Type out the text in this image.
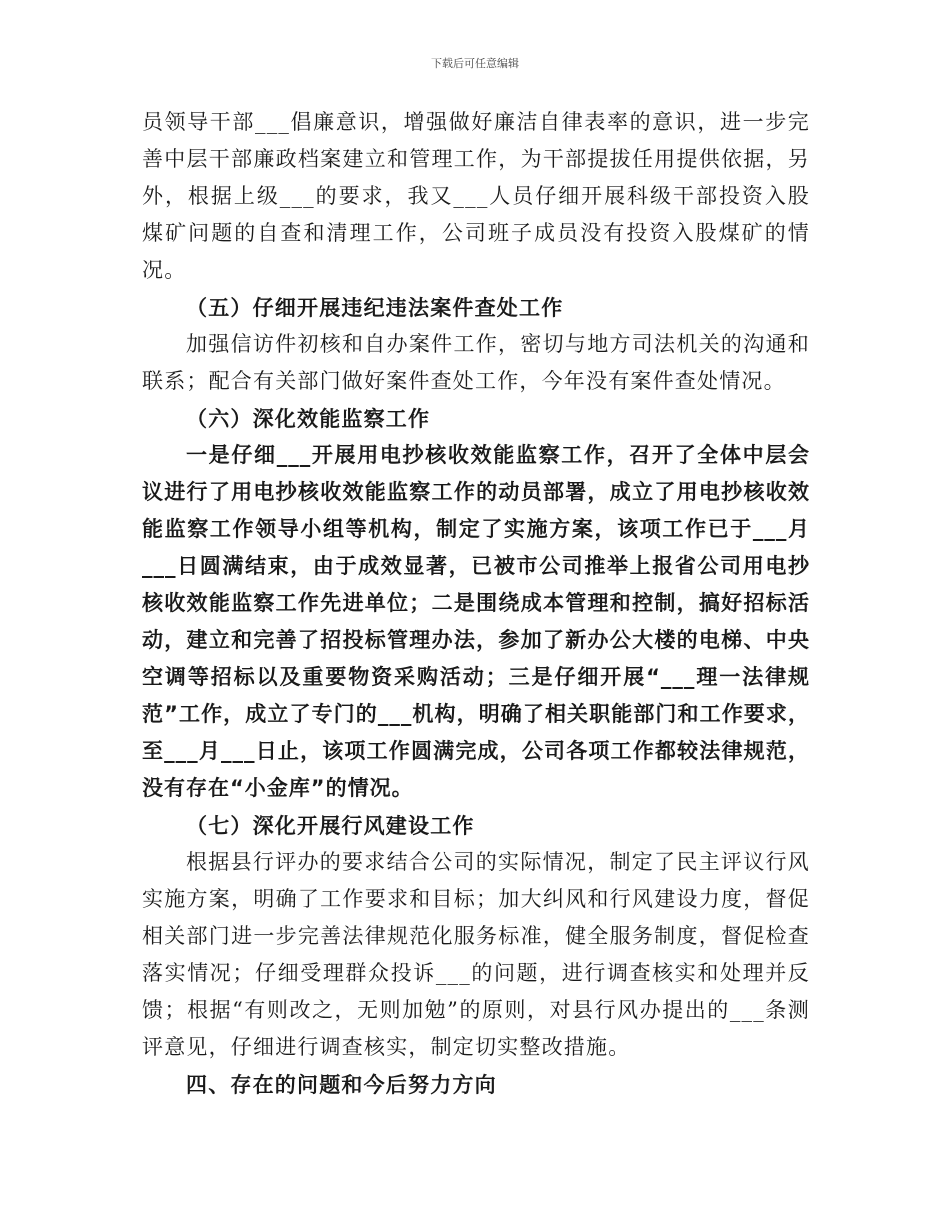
下载后可任意编辑

员领导干部___倡廉意识，增强做好廉洁自律表率的意识，进一步完善中层干部廉政档案建立和管理工作，为干部提拔任用提供依据，另外，根据上级___的要求，我又___人员仔细开展科级干部投资入股煤矿问题的自查和清理工作，公司班子成员没有投资入股煤矿的情况。

（五）仔细开展违纪违法案件查处工作

加强信访件初核和自办案件工作，密切与地方司法机关的沟通和联系；配合有关部门做好案件查处工作，今年没有案件查处情况。

（六）深化效能监察工作

一是仔细___开展用电抄核收效能监察工作，召开了全体中层会议进行了用电抄核收效能监察工作的动员部署，成立了用电抄核收效能监察工作领导小组等机构，制定了实施方案，该项工作已于___月___日圆满结束，由于成效显著，已被市公司推举上报省公司用电抄核收效能监察工作先进单位；二是围绕成本管理和控制，搞好招标活动，建立和完善了招投标管理办法，参加了新办公大楼的电梯、中央空调等招标以及重要物资采购活动；三是仔细开展“___理一法律规范”工作，成立了专门的___机构，明确了相关职能部门和工作要求，至___月___日止，该项工作圆满完成，公司各项工作都较法律规范，没有存在“小金库”的情况。

（七）深化开展行风建设工作

根据县行评办的要求结合公司的实际情况，制定了民主评议行风实施方案，明确了工作要求和目标；加大纠风和行风建设力度，督促相关部门进一步完善法律规范化服务标准，健全服务制度，督促检查落实情况；仔细受理群众投诉___的问题，进行调查核实和处理并反馈；根据“有则改之，无则加勉”的原则，对县行风办提出的___条测评意见，仔细进行调查核实，制定切实整改措施。

四、存在的问题和今后努力方向
